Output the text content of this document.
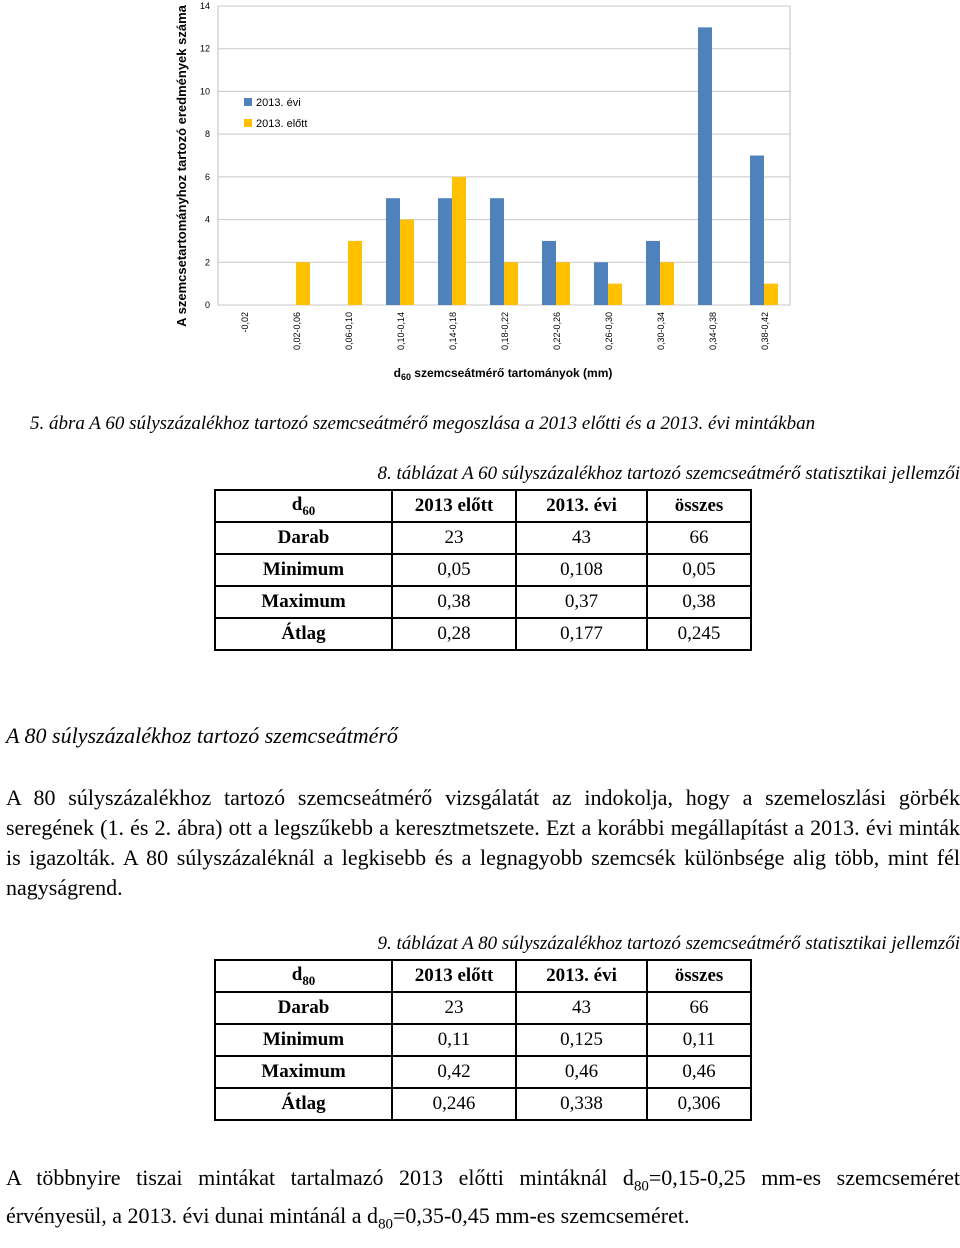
0
2
4
6
8
10
12
14
-0,02	0,02-0,06	0,06-0,10	0,10-0,14	0,14-0,18	0,18-0,22	0,22-0,26	0,26-0,30	0,30-0,34	0,34-0,38	0,38-0,42
2013. évi
2013. előtt
A szemcsetartományhoz tartozó eredmények száma
$d_{60}$ szemcseátmérő tartományok (mm)
5. ábra A 60 súlyszázalékhoz tartozó szemcseátmérő megoszlása a 2013 előtti és a 2013. évi mintákban
8. táblázat A 60 súlyszázalékhoz tartozó szemcseátmérő statisztikai jellemzői
$d_{60}$	2013 előtt	2013. évi	összes
Darab	23	43	66
Minimum	0,05	0,108	0,05
Maximum	0,38	0,37	0,38
Átlag	0,28	0,177	0,245
A 80 súlyszázalékhoz tartozó szemcseátmérő

A 80 súlyszázalékhoz tartozó szemcseátmérő vizsgálatát az indokolja, hogy a szemeloszlási görbék seregének (1. és 2. ábra) ott a legszűkebb a keresztmetszete. Ezt a korábbi megállapítást a 2013. évi minták is igazolták. A 80 súlyszázaléknál a legkisebb és a legnagyobb szemcsék különbsége alig több, mint fél nagyságrend.

9. táblázat A 80 súlyszázalékhoz tartozó szemcseátmérő statisztikai jellemzői
$d_{80}$	2013 előtt	2013. évi	összes
Darab	23	43	66
Minimum	0,11	0,125	0,11
Maximum	0,42	0,46	0,46
Átlag	0,246	0,338	0,306

A többnyire tiszai mintákat tartalmazó 2013 előtti mintáknál $d_{80}=0,15-0,25$ mm-es szemcseméret érvényesül, a 2013. évi dunai mintánál a $d_{80}=0,35-0,45$ mm-es szemcseméret.
